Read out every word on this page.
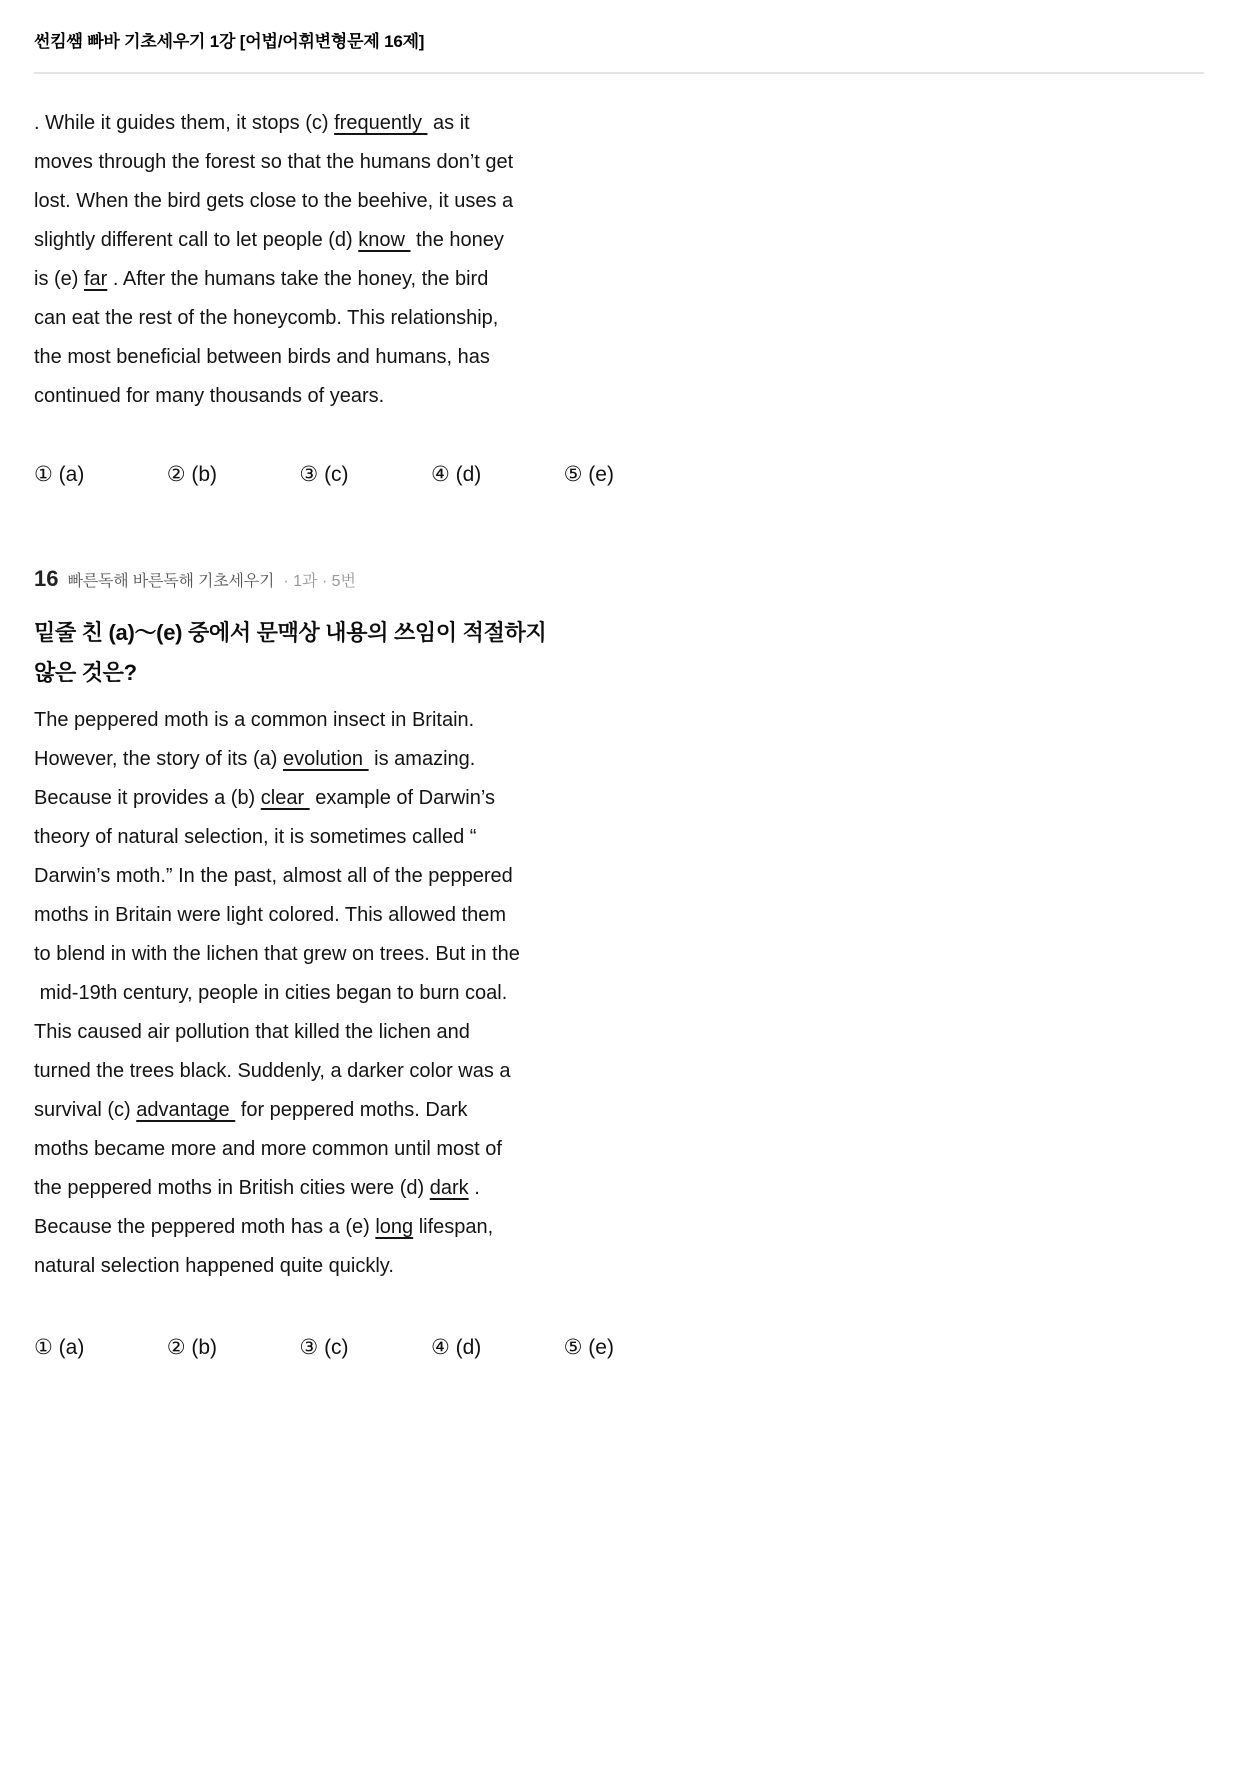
썬킴쌤 빠바 기초세우기 1강 [어법/어휘변형문제 16제]
. While it guides them, it stops (c) frequently  as it
moves through the forest so that the humans don’t get
lost. When the bird gets close to the beehive, it uses a
slightly different call to let people (d) know  the honey
is (e) far . After the humans take the honey, the bird
can eat the rest of the honeycomb. This relationship,
the most beneficial between birds and humans, has
continued for many thousands of years.
① (a)	② (b)	③ (c)	④ (d)	⑤ (e)
16 빠른독해 바른독해 기초세우기 · 1과 · 5번
밑줄 친 (a)～(e) 중에서 문맥상 내용의 쓰임이 적절하지
않은 것은?
The peppered moth is a common insect in Britain.
However, the story of its (a) evolution  is amazing.
Because it provides a (b) clear  example of Darwin’s
theory of natural selection, it is sometimes called “
Darwin’s moth.” In the past, almost all of the peppered
moths in Britain were light colored. This allowed them
to blend in with the lichen that grew on trees. But in the
mid-19th century, people in cities began to burn coal.
This caused air pollution that killed the lichen and
turned the trees black. Suddenly, a darker color was a
survival (c) advantage  for peppered moths. Dark
moths became more and more common until most of
the peppered moths in British cities were (d) dark .
Because the peppered moth has a (e) long lifespan,
natural selection happened quite quickly.
① (a)	② (b)	③ (c)	④ (d)	⑤ (e)
